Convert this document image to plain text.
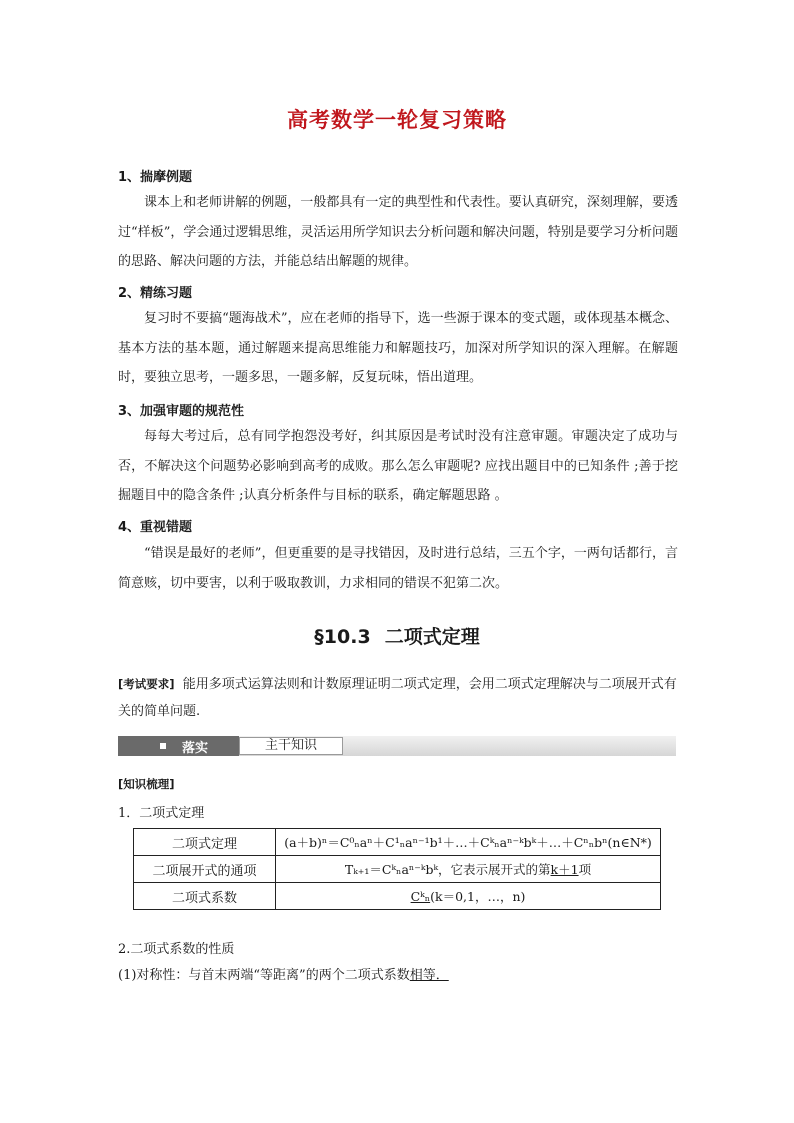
高考数学一轮复习策略
1、揣摩例题
课本上和老师讲解的例题，一般都具有一定的典型性和代表性。要认真研究，深刻理解，要透过“样板”，学会通过逻辑思维，灵活运用所学知识去分析问题和解决问题，特别是要学习分析问题的思路、解决问题的方法，并能总结出解题的规律。
2、精练习题
复习时不要搞“题海战术”，应在老师的指导下，选一些源于课本的变式题，或体现基本概念、基本方法的基本题，通过解题来提高思维能力和解题技巧，加深对所学知识的深入理解。在解题时，要独立思考，一题多思，一题多解，反复玩味，悟出道理。
3、加强审题的规范性
每每大考过后，总有同学抱怨没考好，纠其原因是考试时没有注意审题。审题决定了成功与否，不解决这个问题势必影响到高考的成败。那么怎么审题呢? 应找出题目中的已知条件 ;善于挖掘题目中的隐含条件 ;认真分析条件与目标的联系，确定解题思路 。
4、重视错题
“错误是最好的老师”，但更重要的是寻找错因，及时进行总结，三五个字，一两句话都行，言简意赅，切中要害，以利于吸取教训，力求相同的错误不犯第二次。
§10.3 二项式定理
[考试要求] 能用多项式运算法则和计数原理证明二项式定理，会用二项式定理解决与二项展开式有关的简单问题.
落实	主干知识
[知识梳理]
1．二项式定理
二项式定理	(a＋b)ⁿ＝C⁰ₙaⁿ＋C¹ₙaⁿ⁻¹b¹＋…＋Cᵏₙaⁿ⁻ᵏbᵏ＋…＋Cⁿₙbⁿ(n∈N*)
二项展开式的通项	Tₖ₊₁＝Cᵏₙaⁿ⁻ᵏbᵏ，它表示展开式的第k＋1项
二项式系数	Cᵏₙ(k＝0,1，…，n)
2.二项式系数的性质
(1)对称性：与首末两端“等距离”的两个二项式系数相等．
